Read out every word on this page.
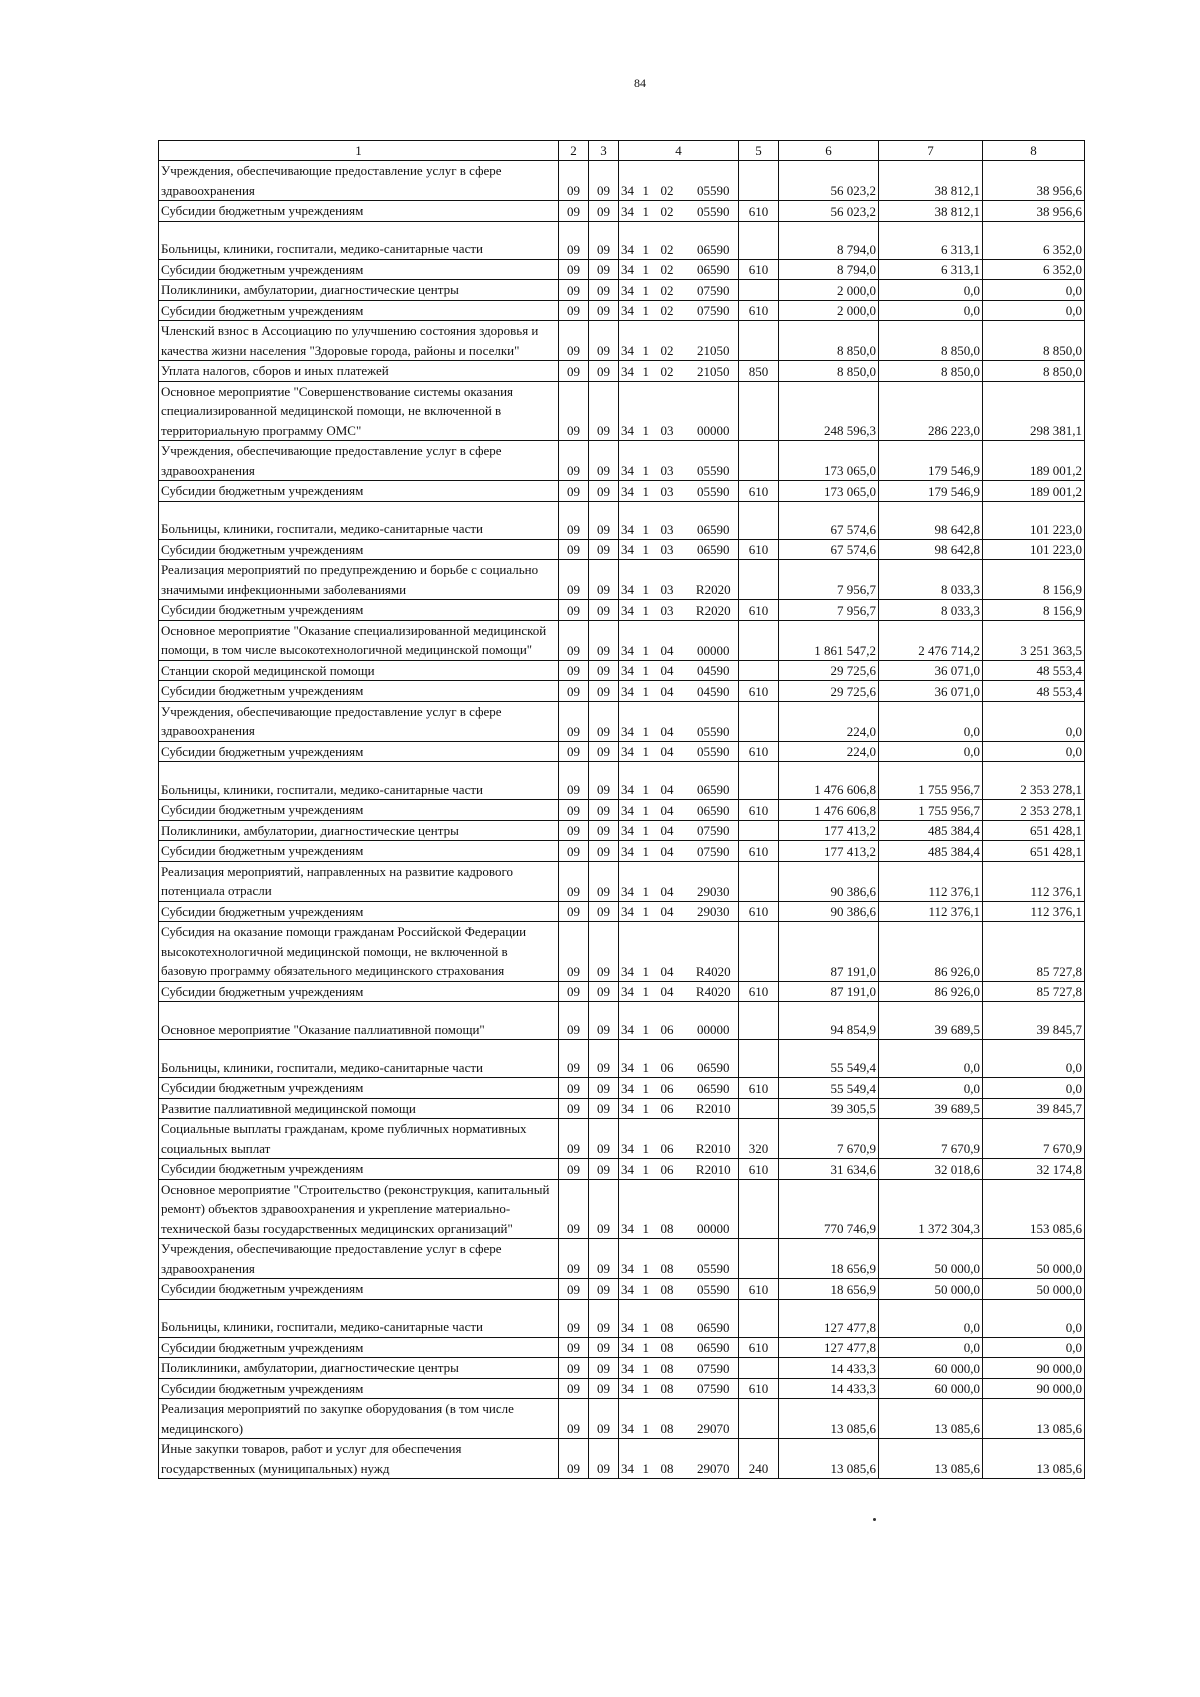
84
1	2	3	4				5	6	7	8
Учреждения, обеспечивающие предоставление услуг в сфере здравоохранения	09	09	34	1	02	05590		56 023,2	38 812,1	38 956,6
Субсидии бюджетным учреждениям	09	09	34	1	02	05590	610	56 023,2	38 812,1	38 956,6
Больницы, клиники, госпитали, медико-санитарные части	09	09	34	1	02	06590		8 794,0	6 313,1	6 352,0
Субсидии бюджетным учреждениям	09	09	34	1	02	06590	610	8 794,0	6 313,1	6 352,0
Поликлиники, амбулатории, диагностические центры	09	09	34	1	02	07590		2 000,0	0,0	0,0
Субсидии бюджетным учреждениям	09	09	34	1	02	07590	610	2 000,0	0,0	0,0
Членский взнос в Ассоциацию по улучшению состояния здоровья и качества жизни населения "Здоровые города, районы и поселки"	09	09	34	1	02	21050		8 850,0	8 850,0	8 850,0
Уплата налогов, сборов и иных платежей	09	09	34	1	02	21050	850	8 850,0	8 850,0	8 850,0
Основное мероприятие "Совершенствование системы оказания специализированной медицинской помощи, не включенной в территориальную программу ОМС"	09	09	34	1	03	00000		248 596,3	286 223,0	298 381,1
Учреждения, обеспечивающие предоставление услуг в сфере здравоохранения	09	09	34	1	03	05590		173 065,0	179 546,9	189 001,2
Субсидии бюджетным учреждениям	09	09	34	1	03	05590	610	173 065,0	179 546,9	189 001,2
Больницы, клиники, госпитали, медико-санитарные части	09	09	34	1	03	06590		67 574,6	98 642,8	101 223,0
Субсидии бюджетным учреждениям	09	09	34	1	03	06590	610	67 574,6	98 642,8	101 223,0
Реализация мероприятий по предупреждению и борьбе с социально значимыми инфекционными заболеваниями	09	09	34	1	03	R2020		7 956,7	8 033,3	8 156,9
Субсидии бюджетным учреждениям	09	09	34	1	03	R2020	610	7 956,7	8 033,3	8 156,9
Основное мероприятие "Оказание специализированной медицинской помощи, в том числе высокотехнологичной медицинской помощи"	09	09	34	1	04	00000		1 861 547,2	2 476 714,2	3 251 363,5
Станции скорой медицинской помощи	09	09	34	1	04	04590		29 725,6	36 071,0	48 553,4
Субсидии бюджетным учреждениям	09	09	34	1	04	04590	610	29 725,6	36 071,0	48 553,4
Учреждения, обеспечивающие предоставление услуг в сфере здравоохранения	09	09	34	1	04	05590		224,0	0,0	0,0
Субсидии бюджетным учреждениям	09	09	34	1	04	05590	610	224,0	0,0	0,0
Больницы, клиники, госпитали, медико-санитарные части	09	09	34	1	04	06590		1 476 606,8	1 755 956,7	2 353 278,1
Субсидии бюджетным учреждениям	09	09	34	1	04	06590	610	1 476 606,8	1 755 956,7	2 353 278,1
Поликлиники, амбулатории, диагностические центры	09	09	34	1	04	07590		177 413,2	485 384,4	651 428,1
Субсидии бюджетным учреждениям	09	09	34	1	04	07590	610	177 413,2	485 384,4	651 428,1
Реализация мероприятий, направленных на развитие кадрового потенциала отрасли	09	09	34	1	04	29030		90 386,6	112 376,1	112 376,1
Субсидии бюджетным учреждениям	09	09	34	1	04	29030	610	90 386,6	112 376,1	112 376,1
Субсидия на оказание помощи гражданам Российской Федерации высокотехнологичной медицинской помощи, не включенной в базовую программу обязательного медицинского страхования	09	09	34	1	04	R4020		87 191,0	86 926,0	85 727,8
Субсидии бюджетным учреждениям	09	09	34	1	04	R4020	610	87 191,0	86 926,0	85 727,8
Основное мероприятие "Оказание паллиативной помощи"	09	09	34	1	06	00000		94 854,9	39 689,5	39 845,7
Больницы, клиники, госпитали, медико-санитарные части	09	09	34	1	06	06590		55 549,4	0,0	0,0
Субсидии бюджетным учреждениям	09	09	34	1	06	06590	610	55 549,4	0,0	0,0
Развитие паллиативной медицинской помощи	09	09	34	1	06	R2010		39 305,5	39 689,5	39 845,7
Социальные выплаты гражданам, кроме публичных нормативных социальных выплат	09	09	34	1	06	R2010	320	7 670,9	7 670,9	7 670,9
Субсидии бюджетным учреждениям	09	09	34	1	06	R2010	610	31 634,6	32 018,6	32 174,8
Основное мероприятие "Строительство (реконструкция, капитальный ремонт) объектов здравоохранения и укрепление материально-технической базы государственных медицинских организаций"	09	09	34	1	08	00000		770 746,9	1 372 304,3	153 085,6
Учреждения, обеспечивающие предоставление услуг в сфере здравоохранения	09	09	34	1	08	05590		18 656,9	50 000,0	50 000,0
Субсидии бюджетным учреждениям	09	09	34	1	08	05590	610	18 656,9	50 000,0	50 000,0
Больницы, клиники, госпитали, медико-санитарные части	09	09	34	1	08	06590		127 477,8	0,0	0,0
Субсидии бюджетным учреждениям	09	09	34	1	08	06590	610	127 477,8	0,0	0,0
Поликлиники, амбулатории, диагностические центры	09	09	34	1	08	07590		14 433,3	60 000,0	90 000,0
Субсидии бюджетным учреждениям	09	09	34	1	08	07590	610	14 433,3	60 000,0	90 000,0
Реализация мероприятий по закупке оборудования (в том числе медицинского)	09	09	34	1	08	29070		13 085,6	13 085,6	13 085,6
Иные закупки товаров, работ и услуг для обеспечения государственных (муниципальных) нужд	09	09	34	1	08	29070	240	13 085,6	13 085,6	13 085,6
